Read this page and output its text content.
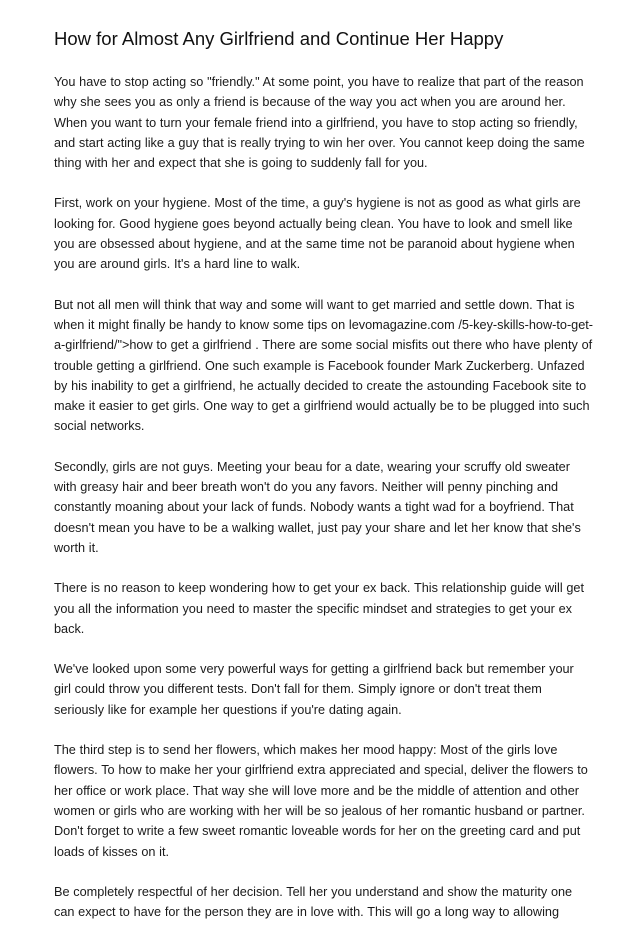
How for Almost Any Girlfriend and Continue Her Happy

You have to stop acting so "friendly." At some point, you have to realize that part of the reason why she sees you as only a friend is because of the way you act when you are around her. When you want to turn your female friend into a girlfriend, you have to stop acting so friendly, and start acting like a guy that is really trying to win her over. You cannot keep doing the same thing with her and expect that she is going to suddenly fall for you.

First, work on your hygiene. Most of the time, a guy's hygiene is not as good as what girls are looking for. Good hygiene goes beyond actually being clean. You have to look and smell like you are obsessed about hygiene, and at the same time not be paranoid about hygiene when you are around girls. It's a hard line to walk.

But not all men will think that way and some will want to get married and settle down. That is when it might finally be handy to know some tips on levomagazine.com /5-key-skills-how-to-get-a-girlfriend/">how to get a girlfriend . There are some social misfits out there who have plenty of trouble getting a girlfriend. One such example is Facebook founder Mark Zuckerberg. Unfazed by his inability to get a girlfriend, he actually decided to create the astounding Facebook site to make it easier to get girls. One way to get a girlfriend would actually be to be plugged into such social networks.

Secondly, girls are not guys. Meeting your beau for a date, wearing your scruffy old sweater with greasy hair and beer breath won't do you any favors. Neither will penny pinching and constantly moaning about your lack of funds. Nobody wants a tight wad for a boyfriend. That doesn't mean you have to be a walking wallet, just pay your share and let her know that she's worth it.

There is no reason to keep wondering how to get your ex back. This relationship guide will get you all the information you need to master the specific mindset and strategies to get your ex back.

We've looked upon some very powerful ways for getting a girlfriend back but remember your girl could throw you different tests. Don't fall for them. Simply ignore or don't treat them seriously like for example her questions if you're dating again.

The third step is to send her flowers, which makes her mood happy: Most of the girls love flowers. To how to make her your girlfriend extra appreciated and special, deliver the flowers to her office or work place. That way she will love more and be the middle of attention and other women or girls who are working with her will be so jealous of her romantic husband or partner. Don't forget to write a few sweet romantic loveable words for her on the greeting card and put loads of kisses on it.

Be completely respectful of her decision. Tell her you understand and show the maturity one can expect to have for the person they are in love with. This will go a long way to allowing
